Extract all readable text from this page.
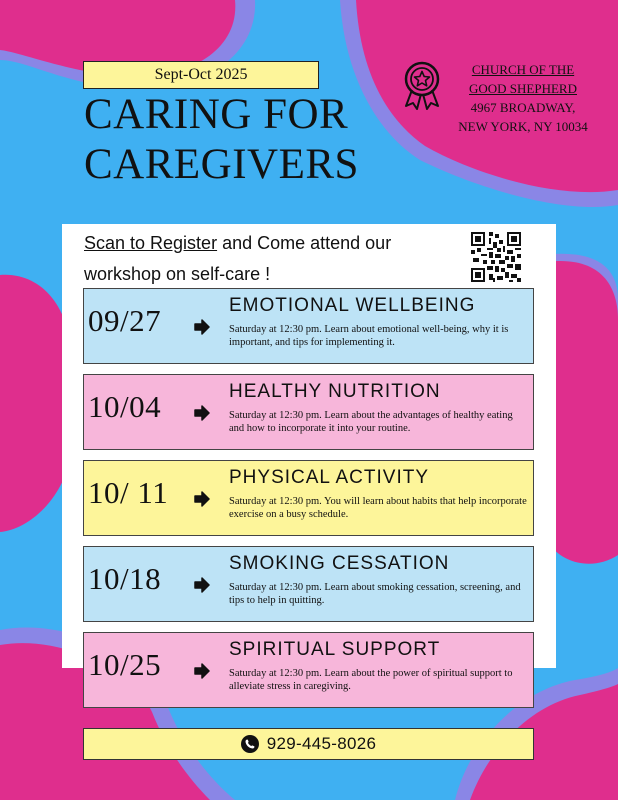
Sept-Oct 2025
CARING FOR
CAREGIVERS
CHURCH OF THE
GOOD SHEPHERD
4967 BROADWAY,
NEW YORK, NY 10034
Scan to Register and Come attend our
workshop on self-care !
09/27	EMOTIONAL WELLBEING
Saturday at 12:30 pm. Learn about emotional well-being, why it is important, and tips for implementing it.
10/04	HEALTHY NUTRITION
Saturday at 12:30 pm. Learn about the advantages of healthy eating and how to incorporate it into your routine.
10/ 11	PHYSICAL ACTIVITY
Saturday at 12:30 pm. You will learn about habits that help incorporate exercise on a busy schedule.
10/18	SMOKING CESSATION
Saturday at 12:30 pm. Learn about smoking cessation, screening, and tips to help in quitting.
10/25	SPIRITUAL SUPPORT
Saturday at 12:30 pm. Learn about the power of spiritual support to alleviate stress in caregiving.
929-445-8026
